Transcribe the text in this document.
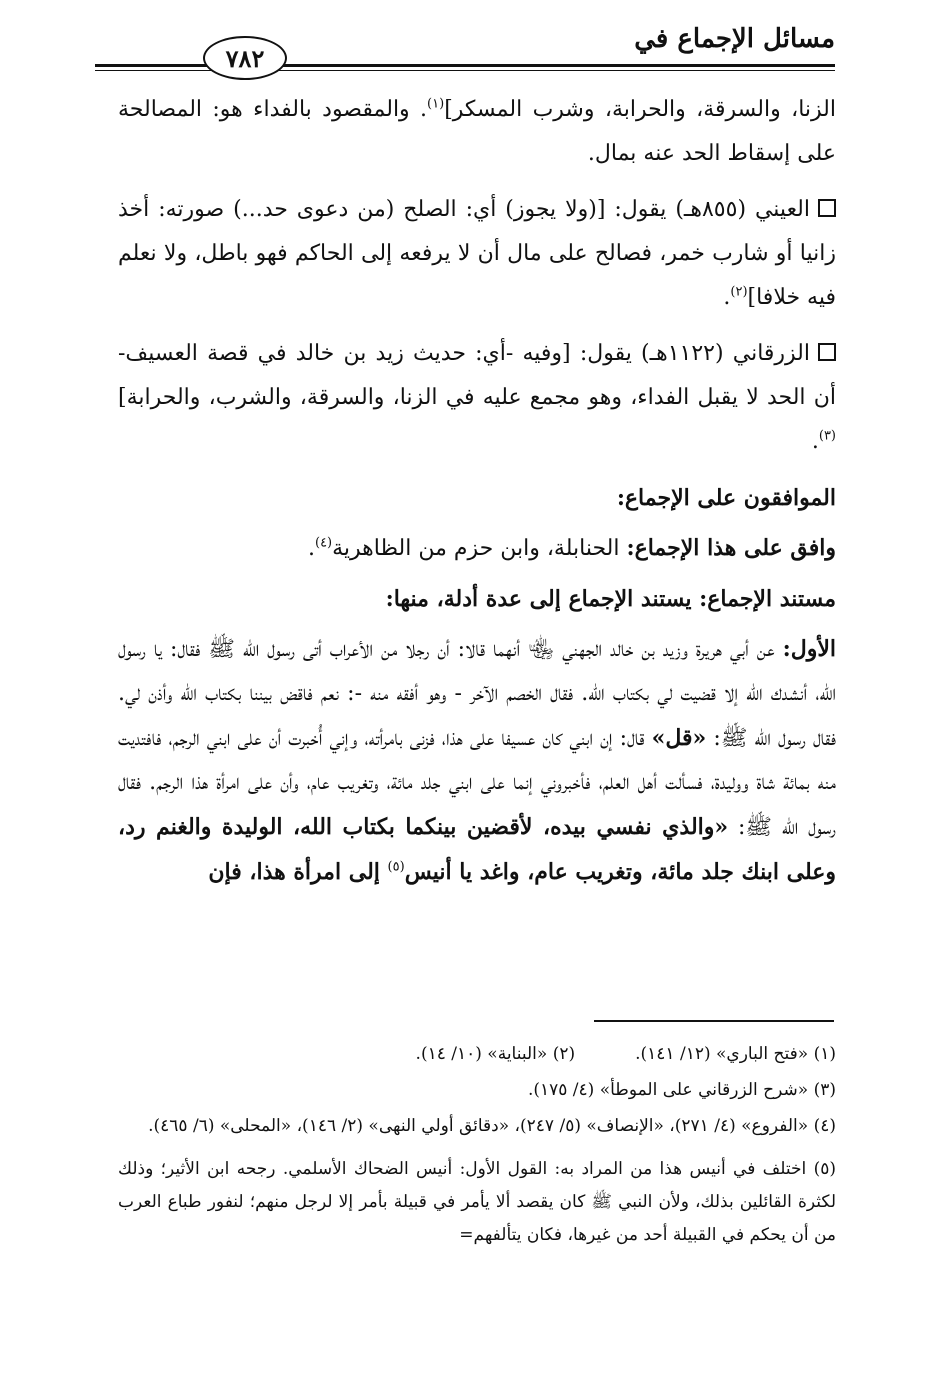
مسائل الإجماع في
٧٨٢

الزنا، والسرقة، والحرابة، وشرب المسكر]$^{(١)}$. والمقصود بالفداء هو: المصالحة على إسقاط الحد عنه بمال.

العيني (٨٥٥هـ) يقول: [(ولا يجوز) أي: الصلح (من دعوى حد...) صورته: أخذ زانيا أو شارب خمر، فصالح على مال أن لا يرفعه إلى الحاكم فهو باطل، ولا نعلم فيه خلافا]$^{(٢)}$.

الزرقاني (١١٢٢هـ) يقول: [وفيه -أي: حديث زيد بن خالد في قصة العسيف- أن الحد لا يقبل الفداء، وهو مجمع عليه في الزنا، والسرقة، والشرب، والحرابة]$^{(٣)}$.

الموافقون على الإجماع:

وافق على هذا الإجماع: الحنابلة، وابن حزم من الظاهرية$^{(٤)}$.

مستند الإجماع: يستند الإجماع إلى عدة أدلة، منها:

الأول: عن أبي هريرة وزيد بن خالد الجهني ﵄ أنهما قالا: أن رجلا من الأعراب أتى رسول الله ﷺ فقال: يا رسول الله، أنشدك الله إلا قضيت لي بكتاب الله. فقال الخصم الآخر - وهو أفقه منه -: نعم فاقض بيننا بكتاب الله وأذن لي. فقال رسول الله ﷺ: «قل» قال: إن ابني كان عسيفا على هذا، فزنى بامرأته، وإني أُخبرت أن على ابني الرجم، فافتديت منه بمائة شاة ووليدة، فسألت أهل العلم، فأخبروني إنما على ابني جلد مائة، وتغريب عام، وأن على امرأة هذا الرجم. فقال رسول الله ﷺ: «والذي نفسي بيده، لأقضين بينكما بكتاب الله، الوليدة والغنم رد، وعلى ابنك جلد مائة، وتغريب عام، واغد يا أنيس$^{(٥)}$ إلى امرأة هذا، فإن

(١) «فتح الباري» (١٢/ ١٤١).
(٢) «البناية» (١٠/ ١٤).
(٣) «شرح الزرقاني على الموطأ» (٤/ ١٧٥).
(٤) «الفروع» (٤/ ٢٧١)، «الإنصاف» (٥/ ٢٤٧)، «دقائق أولي النهى» (٢/ ١٤٦)، «المحلى» (٦/ ٤٦٥).
(٥) اختلف في أنيس هذا من المراد به: القول الأول: أنيس الضحاك الأسلمي. رجحه ابن الأثير؛ وذلك لكثرة القائلين بذلك، ولأن النبي ﷺ كان يقصد ألا يأمر في قبيلة بأمر إلا لرجل منهم؛ لنفور طباع العرب من أن يحكم في القبيلة أحد من غيرها، فكان يتألفهم=
